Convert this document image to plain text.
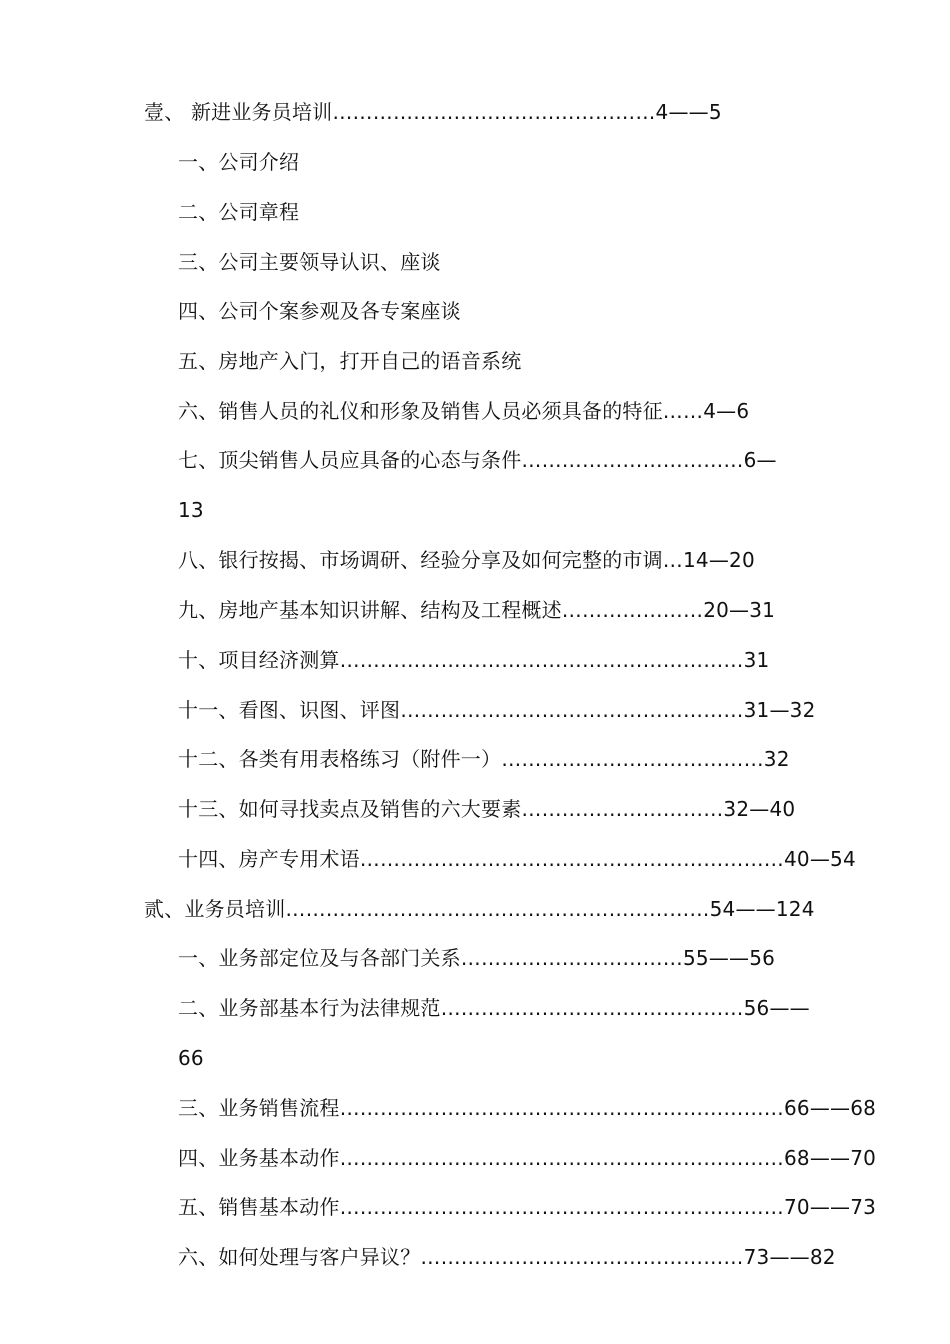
壹、 新进业务员培训…………………………………………4——5
一、公司介绍
二、公司章程
三、公司主要领导认识、座谈
四、公司个案参观及各专案座谈
五、房地产入门，打开自己的语音系统
六、销售人员的礼仪和形象及销售人员必须具备的特征……4—6
七、顶尖销售人员应具备的心态与条件……………………………6—
13
八、银行按揭、市场调研、经验分享及如何完整的市调…14—20
九、房地产基本知识讲解、结构及工程概述…………………20—31
十、项目经济测算……………………………………………………31
十一、看图、识图、评图……………………………………………31—32
十二、各类有用表格练习（附件一）…………………………………32
十三、如何寻找卖点及销售的六大要素…………………………32—40
十四、房产专用术语………………………………………………………40—54
贰、业务员培训………………………………………………………54——124
一、业务部定位及与各部门关系……………………………55——56
二、业务部基本行为法律规范………………………………………56——
66
三、业务销售流程…………………………………………………………66——68
四、业务基本动作…………………………………………………………68——70
五、销售基本动作…………………………………………………………70——73
六、如何处理与客户异议？…………………………………………73——82
